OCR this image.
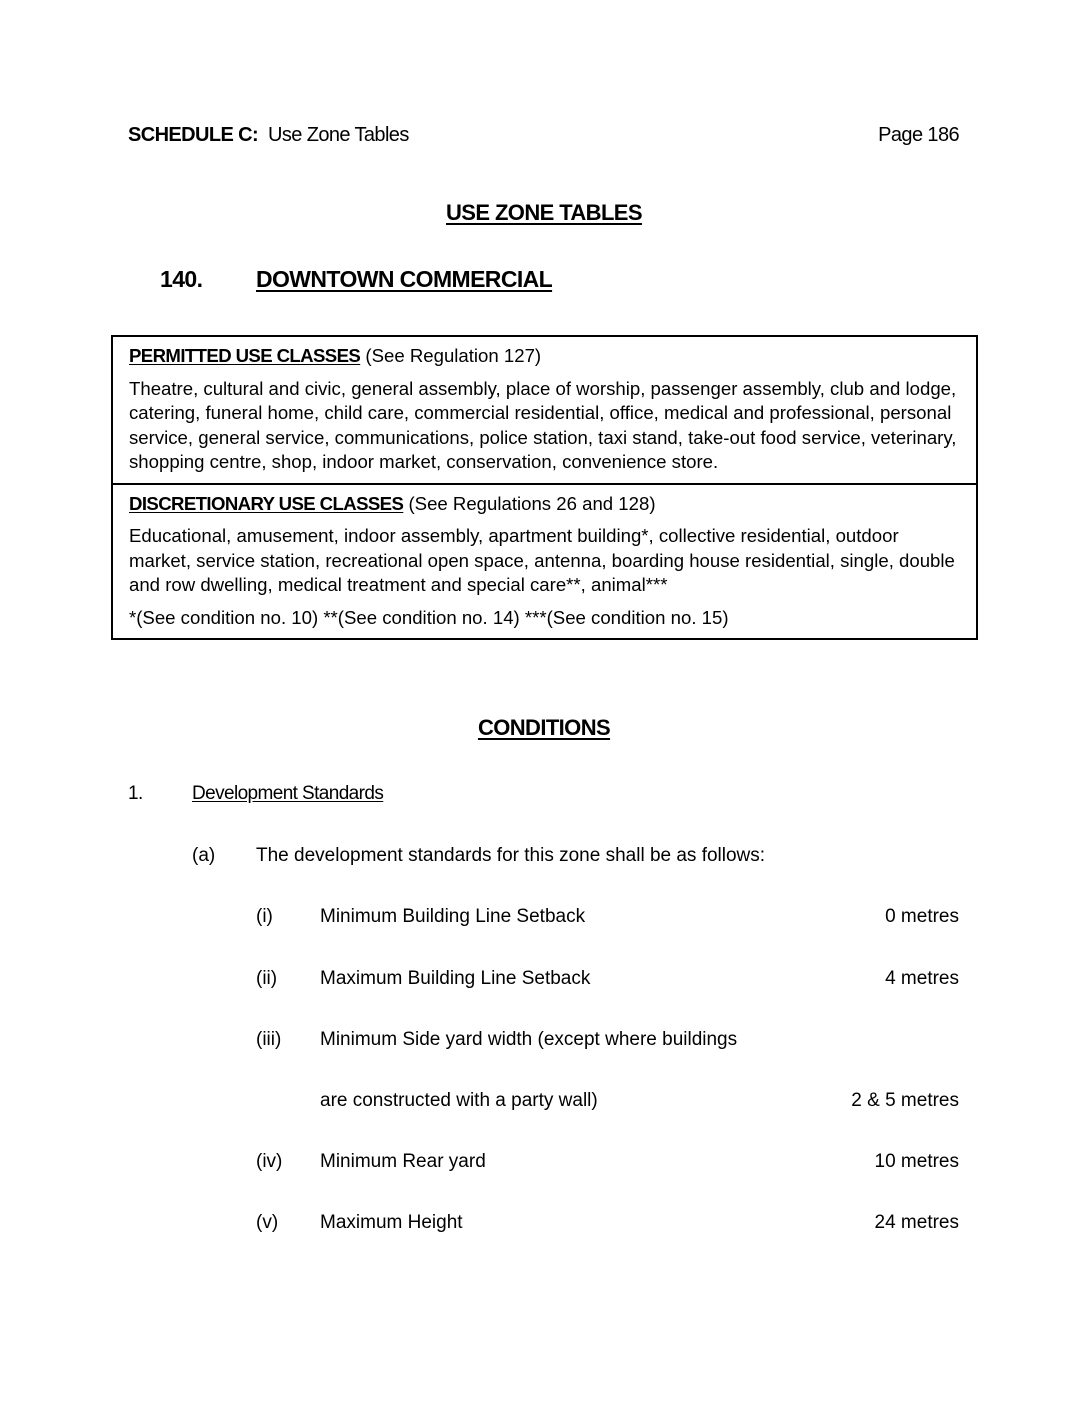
SCHEDULE C: Use Zone Tables	Page 186
USE ZONE TABLES
140. DOWNTOWN COMMERCIAL
PERMITTED USE CLASSES (See Regulation 127)
Theatre, cultural and civic, general assembly, place of worship, passenger assembly, club and lodge, catering, funeral home, child care, commercial residential, office, medical and professional, personal service, general service, communications, police station, taxi stand, take-out food service, veterinary, shopping centre, shop, indoor market, conservation, convenience store.
DISCRETIONARY USE CLASSES (See Regulations 26 and 128)
Educational, amusement, indoor assembly, apartment building*, collective residential, outdoor market, service station, recreational open space, antenna, boarding house residential, single, double and row dwelling, medical treatment and special care**, animal***
*(See condition no. 10) **(See condition no. 14) ***(See condition no. 15)
CONDITIONS
1.	Development Standards
(a) The development standards for this zone shall be as follows:
(i) Minimum Building Line Setback	0 metres
(ii) Maximum Building Line Setback	4 metres
(iii) Minimum Side yard width (except where buildings
are constructed with a party wall)	2 & 5 metres
(iv) Minimum Rear yard	10 metres
(v) Maximum Height	24 metres
